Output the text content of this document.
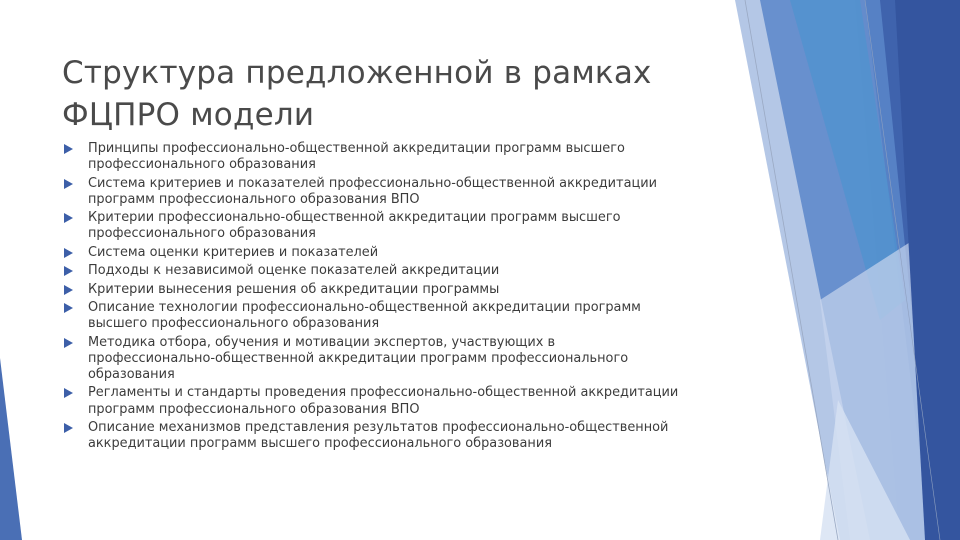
Структура предложенной в рамках
ФЦПРО модели
Принципы профессионально-общественной аккредитации программ высшего
профессионального образования
Система критериев и показателей профессионально-общественной аккредитации
программ профессионального образования ВПО
Критерии профессионально-общественной аккредитации программ высшего
профессионального образования
Система оценки критериев и показателей
Подходы к независимой оценке показателей аккредитации
Критерии вынесения решения об аккредитации программы
Описание технологии профессионально-общественной аккредитации программ
высшего профессионального образования
Методика отбора, обучения и мотивации экспертов, участвующих в
профессионально-общественной аккредитации программ профессионального
образования
Регламенты и стандарты проведения профессионально-общественной аккредитации
программ профессионального образования ВПО
Описание механизмов представления результатов профессионально-общественной
аккредитации программ высшего профессионального образования
